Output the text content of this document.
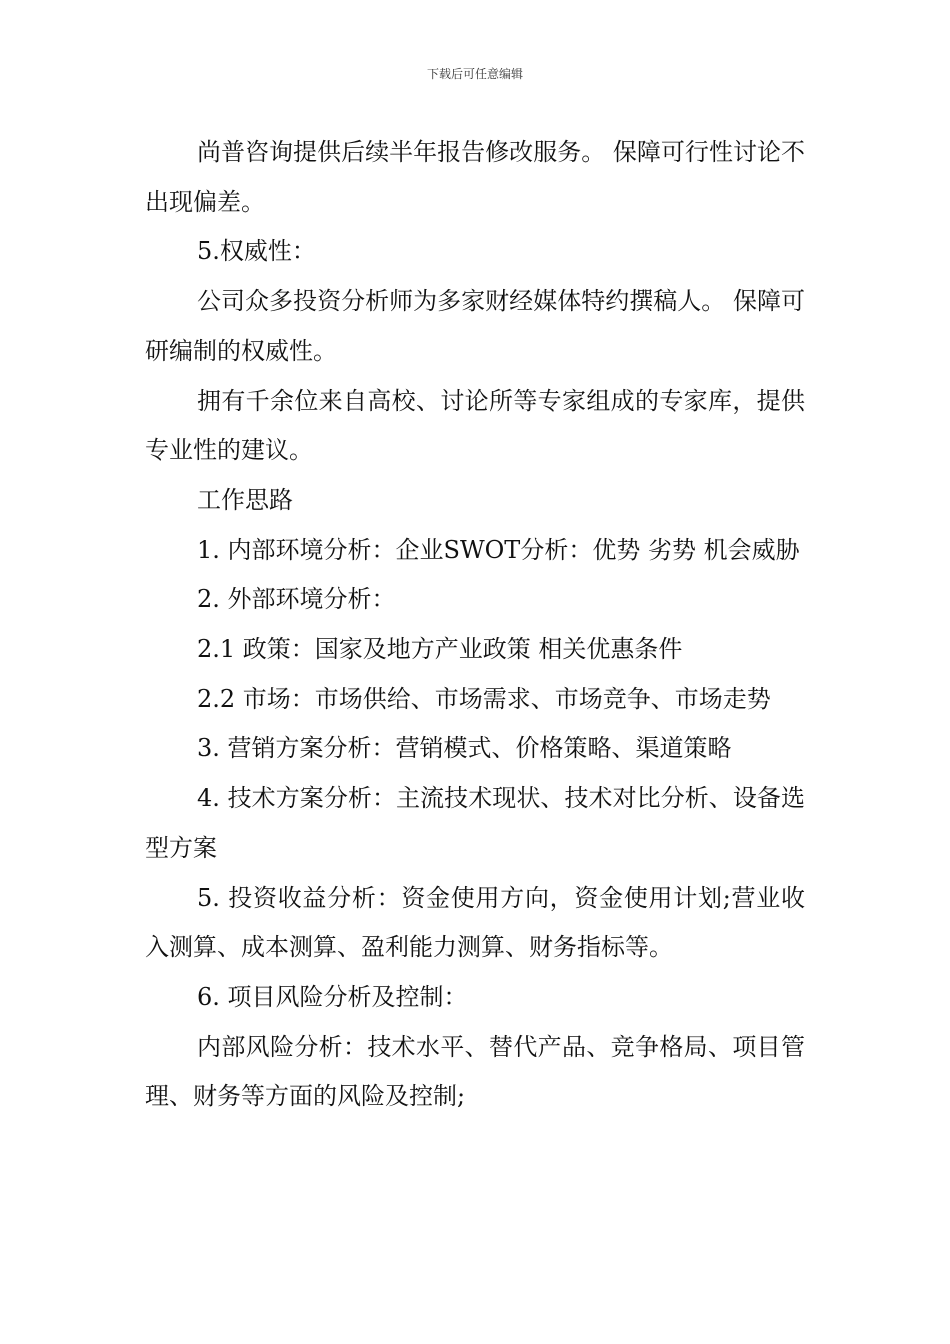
下载后可任意编辑

尚普咨询提供后续半年报告修改服务。 保障可行性讨论不出现偏差。

5.权威性：

公司众多投资分析师为多家财经媒体特约撰稿人。 保障可研编制的权威性。

拥有千余位来自高校、讨论所等专家组成的专家库，提供专业性的建议。

工作思路

1. 内部环境分析：企业SWOT分析：优势 劣势 机会威胁

2. 外部环境分析：

2.1 政策：国家及地方产业政策 相关优惠条件

2.2 市场：市场供给、市场需求、市场竞争、市场走势

3. 营销方案分析：营销模式、价格策略、渠道策略

4. 技术方案分析：主流技术现状、技术对比分析、设备选型方案

5. 投资收益分析：资金使用方向，资金使用计划;营业收入测算、成本测算、盈利能力测算、财务指标等。

6. 项目风险分析及控制：

内部风险分析：技术水平、替代产品、竞争格局、项目管理、财务等方面的风险及控制;
